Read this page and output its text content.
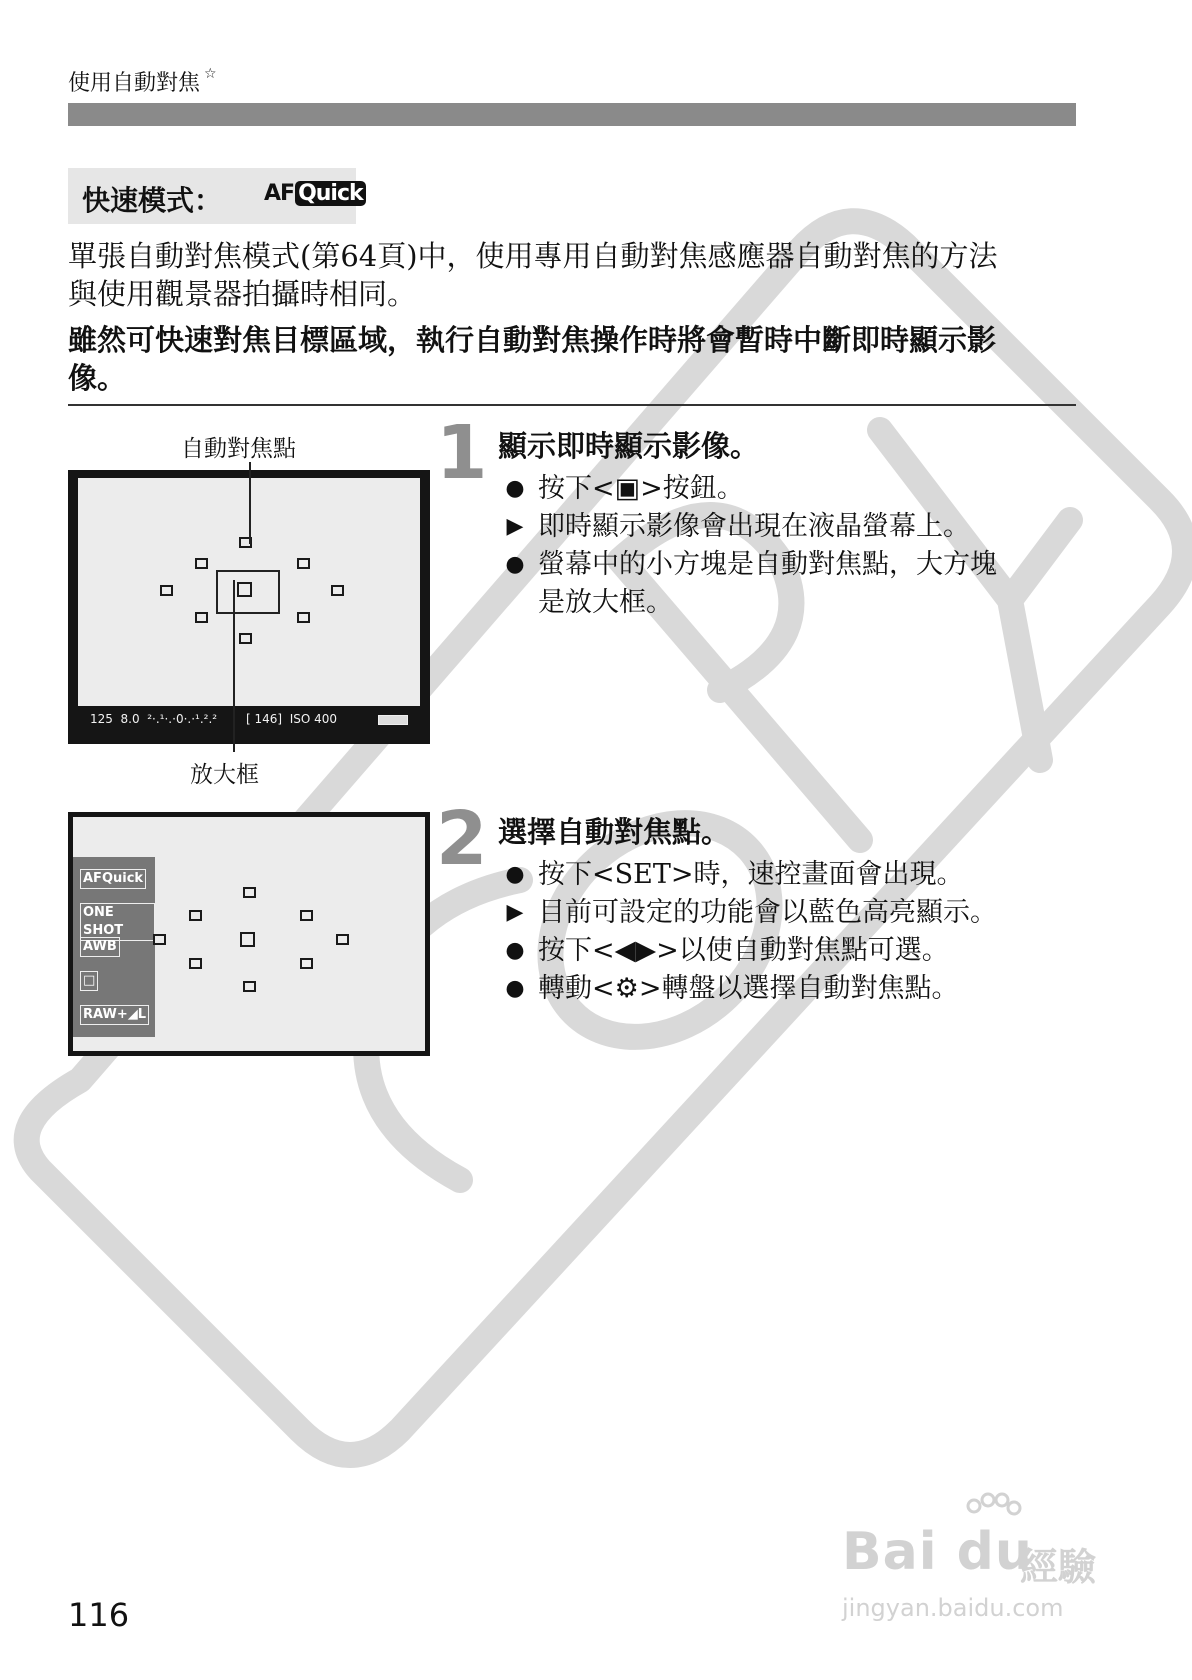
使用自動對焦 ☆
快速模式： AF Quick
單張自動對焦模式(第64頁)中，使用專用自動對焦感應器自動對焦的方法
與使用觀景器拍攝時相同。
雖然可快速對焦目標區域，執行自動對焦操作時將會暫時中斷即時顯示影
像。
自動對焦點
125  8.0  ²·.¹·.·0·.·¹.².² [ 146]  ISO 400
放大框
AFQuick
ONE SHOT
AWB
□
RAW+◢L
1 顯示即時顯示影像。
● 按下<▣>按鈕。
▶ 即時顯示影像會出現在液晶螢幕上。
● 螢幕中的小方塊是自動對焦點，大方塊
是放大框。
2 選擇自動對焦點。
● 按下<SET>時，速控畫面會出現。
▶ 目前可設定的功能會以藍色高亮顯示。
● 按下<◀▶>以使自動對焦點可選。
● 轉動<⚙>轉盤以選擇自動對焦點。
116
Bai du
經驗
jingyan.baidu.com
